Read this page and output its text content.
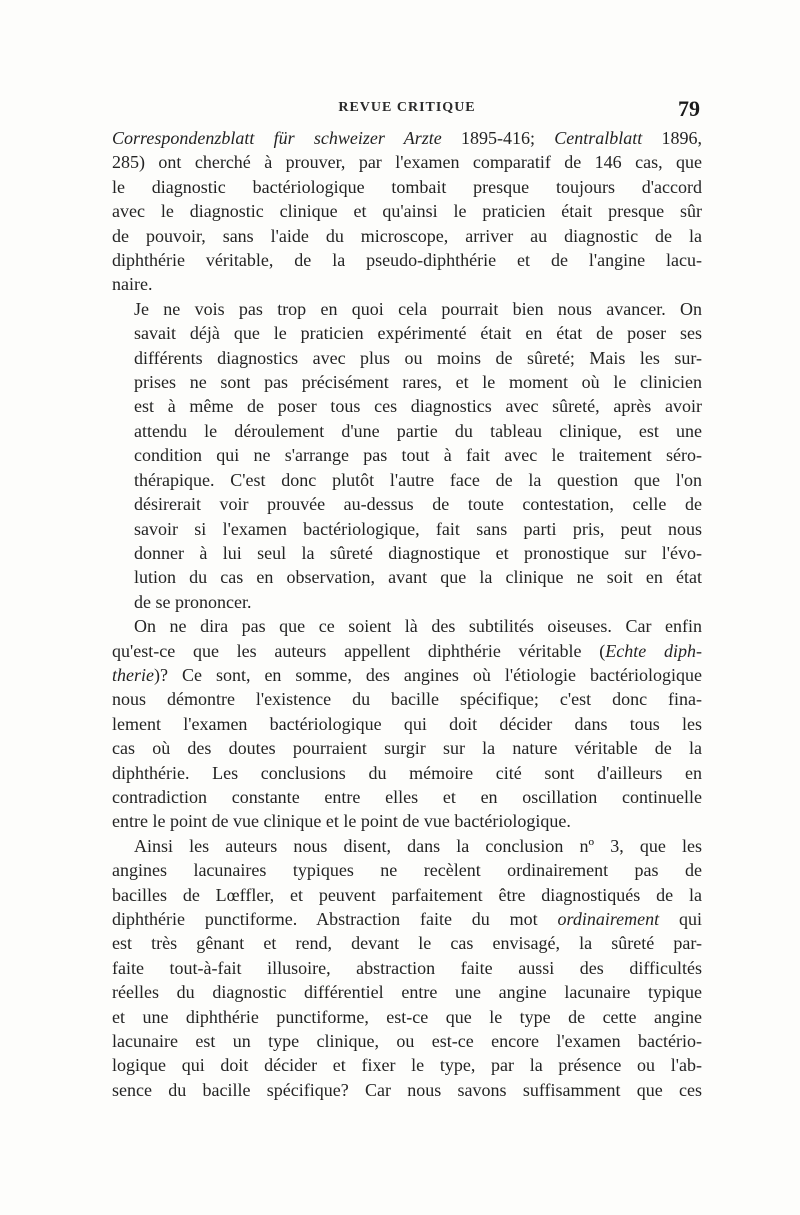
REVUE CRITIQUE	79

Correspondenzblatt für schweizer Arzte 1895-416; Centralblatt 1896,
285) ont cherché à prouver, par l'examen comparatif de 146 cas, que
le diagnostic bactériologique tombait presque toujours d'accord
avec le diagnostic clinique et qu'ainsi le praticien était presque sûr
de pouvoir, sans l'aide du microscope, arriver au diagnostic de la
diphthérie véritable, de la pseudo-diphthérie et de l'angine lacu-
naire.

Je ne vois pas trop en quoi cela pourrait bien nous avancer. On
savait déjà que le praticien expérimenté était en état de poser ses
différents diagnostics avec plus ou moins de sûreté; Mais les sur-
prises ne sont pas précisément rares, et le moment où le clinicien
est à même de poser tous ces diagnostics avec sûreté, après avoir
attendu le déroulement d'une partie du tableau clinique, est une
condition qui ne s'arrange pas tout à fait avec le traitement séro-
thérapique. C'est donc plutôt l'autre face de la question que l'on
désirerait voir prouvée au-dessus de toute contestation, celle de
savoir si l'examen bactériologique, fait sans parti pris, peut nous
donner à lui seul la sûreté diagnostique et pronostique sur l'évo-
lution du cas en observation, avant que la clinique ne soit en état
de se prononcer.

On ne dira pas que ce soient là des subtilités oiseuses. Car enfin
qu'est-ce que les auteurs appellent diphthérie véritable (Echte diph-
therie)? Ce sont, en somme, des angines où l'étiologie bactériologique
nous démontre l'existence du bacille spécifique; c'est donc fina-
lement l'examen bactériologique qui doit décider dans tous les
cas où des doutes pourraient surgir sur la nature véritable de la
diphthérie. Les conclusions du mémoire cité sont d'ailleurs en
contradiction constante entre elles et en oscillation continuelle
entre le point de vue clinique et le point de vue bactériologique.

Ainsi les auteurs nous disent, dans la conclusion nº 3, que les
angines lacunaires typiques ne recèlent ordinairement pas de
bacilles de Lœffler, et peuvent parfaitement être diagnostiqués de la
diphthérie punctiforme. Abstraction faite du mot ordinairement qui
est très gênant et rend, devant le cas envisagé, la sûreté par-
faite tout-à-fait illusoire, abstraction faite aussi des difficultés
réelles du diagnostic différentiel entre une angine lacunaire typique
et une diphthérie punctiforme, est-ce que le type de cette angine
lacunaire est un type clinique, ou est-ce encore l'examen bactério-
logique qui doit décider et fixer le type, par la présence ou l'ab-
sence du bacille spécifique? Car nous savons suffisamment que ces
